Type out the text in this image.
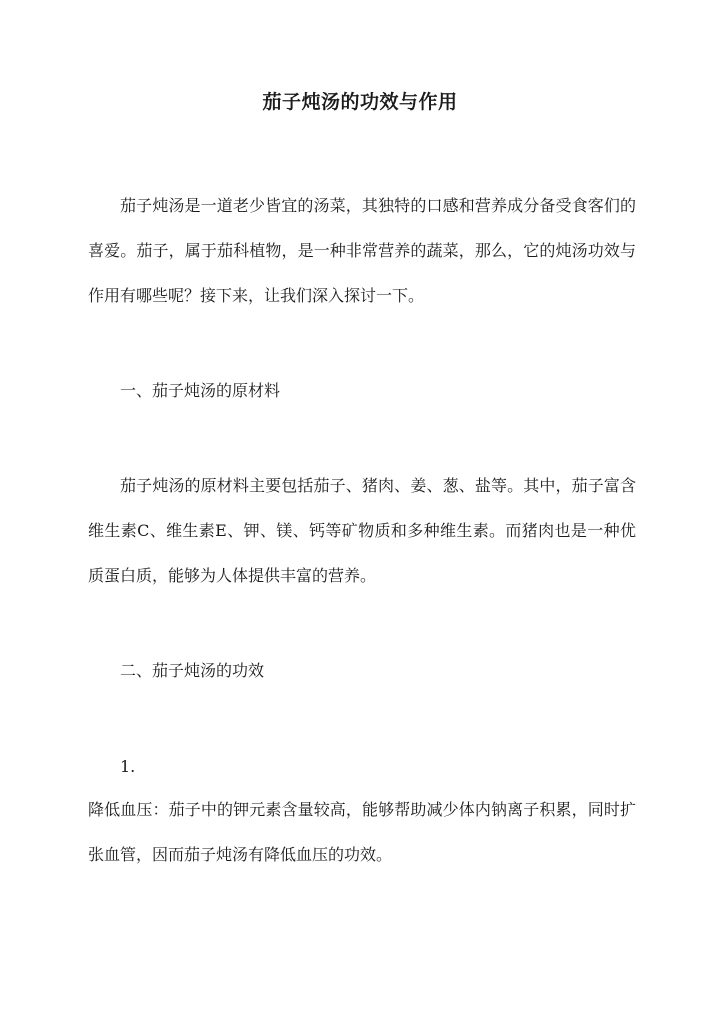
茄子炖汤的功效与作用

茄子炖汤是一道老少皆宜的汤菜，其独特的口感和营养成分备受食客们的喜爱。茄子，属于茄科植物，是一种非常营养的蔬菜，那么，它的炖汤功效与作用有哪些呢？接下来，让我们深入探讨一下。

一、茄子炖汤的原材料

茄子炖汤的原材料主要包括茄子、猪肉、姜、葱、盐等。其中，茄子富含维生素C、维生素E、钾、镁、钙等矿物质和多种维生素。而猪肉也是一种优质蛋白质，能够为人体提供丰富的营养。

二、茄子炖汤的功效

1.

降低血压：茄子中的钾元素含量较高，能够帮助减少体内钠离子积累，同时扩张血管，因而茄子炖汤有降低血压的功效。
